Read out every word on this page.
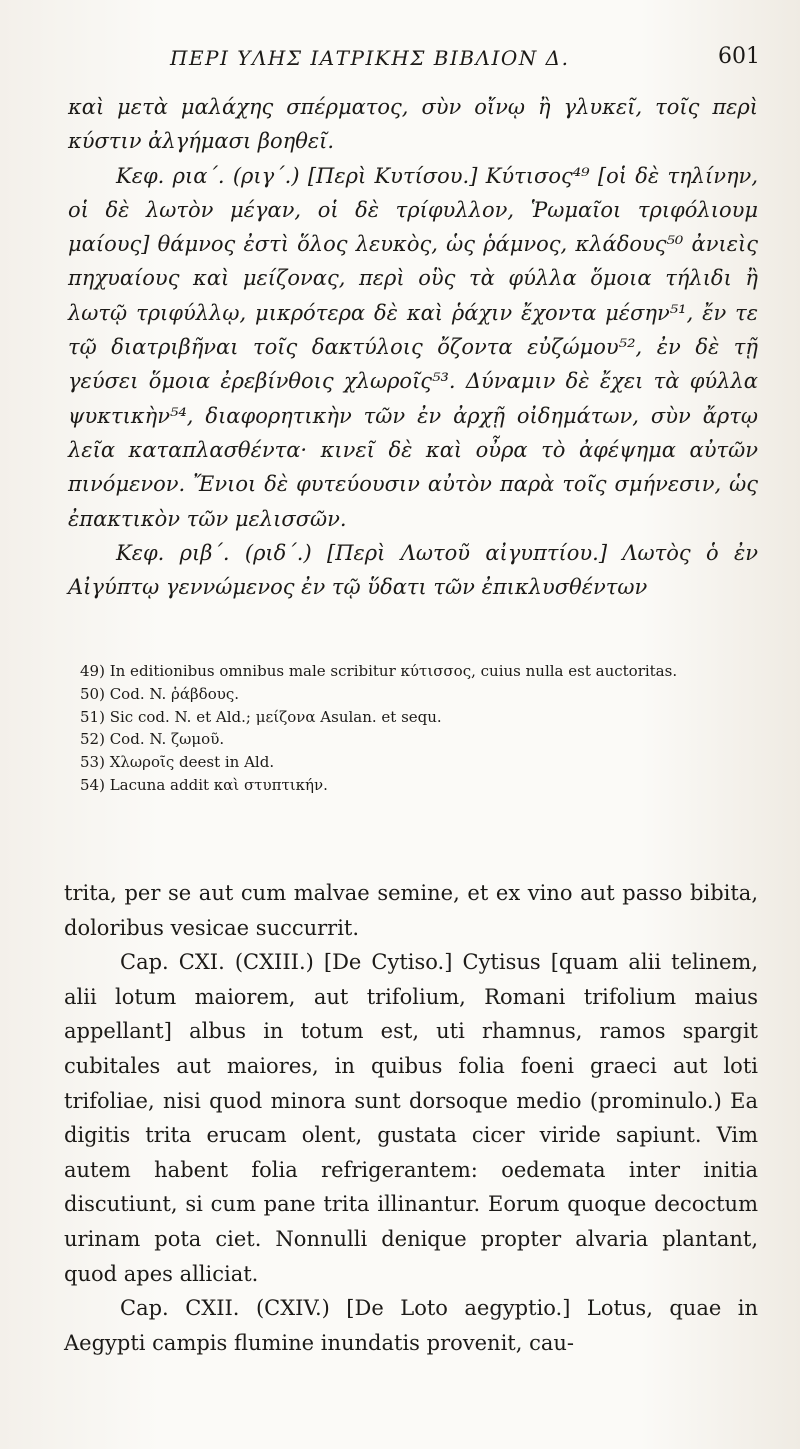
ΠΕΡΙ ΥΛΗΣ ΙΑΤΡΙΚΗΣ ΒΙΒΛΙΟΝ Δ.	601

καὶ μετὰ μαλάχης σπέρματος, σὺν οἴνῳ ἢ γλυκεῖ, τοῖς περὶ κύστιν ἀλγήμασι βοηθεῖ.

Κεφ. ρια΄. (ριγ΄.) [Περὶ Κυτίσου.] Κύτισος⁴⁹ [οἱ δὲ τηλίνην, οἱ δὲ λωτὸν μέγαν, οἱ δὲ τρίφυλλον, Ῥωμαῖοι τριφόλιουμ μαίους] θάμνος ἐστὶ ὅλος λευκὸς, ὡς ῥάμνος, κλάδους⁵⁰ ἀνιεὶς πηχυαίους καὶ μείζονας, περὶ οὓς τὰ φύλλα ὅμοια τήλιδι ἢ λωτῷ τριφύλλῳ, μικρότερα δὲ καὶ ῥάχιν ἔχοντα μέσην⁵¹, ἔν τε τῷ διατριβῆναι τοῖς δακτύλοις ὄζοντα εὐζώμου⁵², ἐν δὲ τῇ γεύσει ὅμοια ἐρεβίνθοις χλωροῖς⁵³. Δύναμιν δὲ ἔχει τὰ φύλλα ψυκτικὴν⁵⁴, διαφορητικὴν τῶν ἐν ἀρχῇ οἰδημάτων, σὺν ἄρτῳ λεῖα καταπλασθέντα· κινεῖ δὲ καὶ οὖρα τὸ ἀφέψημα αὐτῶν πινόμενον. Ἔνιοι δὲ φυτεύουσιν αὐτὸν παρὰ τοῖς σμήνεσιν, ὡς ἐπακτικὸν τῶν μελισσῶν.

Κεφ. ριβ΄. (ριδ΄.) [Περὶ Λωτοῦ αἰγυπτίου.] Λωτὸς ὁ ἐν Αἰγύπτῳ γεννώμενος ἐν τῷ ὕδατι τῶν ἐπικλυσθέντων

49) In editionibus omnibus male scribitur κύτισσος, cuius nulla est auctoritas.

50) Cod. N. ῥάβδους.

51) Sic cod. N. et Ald.; μείζονα Asulan. et sequ.

52) Cod. N. ζωμοῦ.

53) Χλωροῖς deest in Ald.

54) Lacuna addit καὶ στυπτικήν.

trita, per se aut cum malvae semine, et ex vino aut passo bibita, doloribus vesicae succurrit.

Cap. CXI. (CXIII.) [De Cytiso.] Cytisus [quam alii telinem, alii lotum maiorem, aut trifolium, Romani trifolium maius appellant] albus in totum est, uti rhamnus, ramos spargit cubitales aut maiores, in quibus folia foeni graeci aut loti trifoliae, nisi quod minora sunt dorsoque medio (prominulo.) Ea digitis trita erucam olent, gustata cicer viride sapiunt. Vim autem habent folia refrigerantem: oedemata inter initia discutiunt, si cum pane trita illinantur. Eorum quoque decoctum urinam pota ciet. Nonnulli denique propter alvaria plantant, quod apes alliciat.

Cap. CXII. (CXIV.) [De Loto aegyptio.] Lotus, quae in Aegypti campis flumine inundatis provenit, cau-
